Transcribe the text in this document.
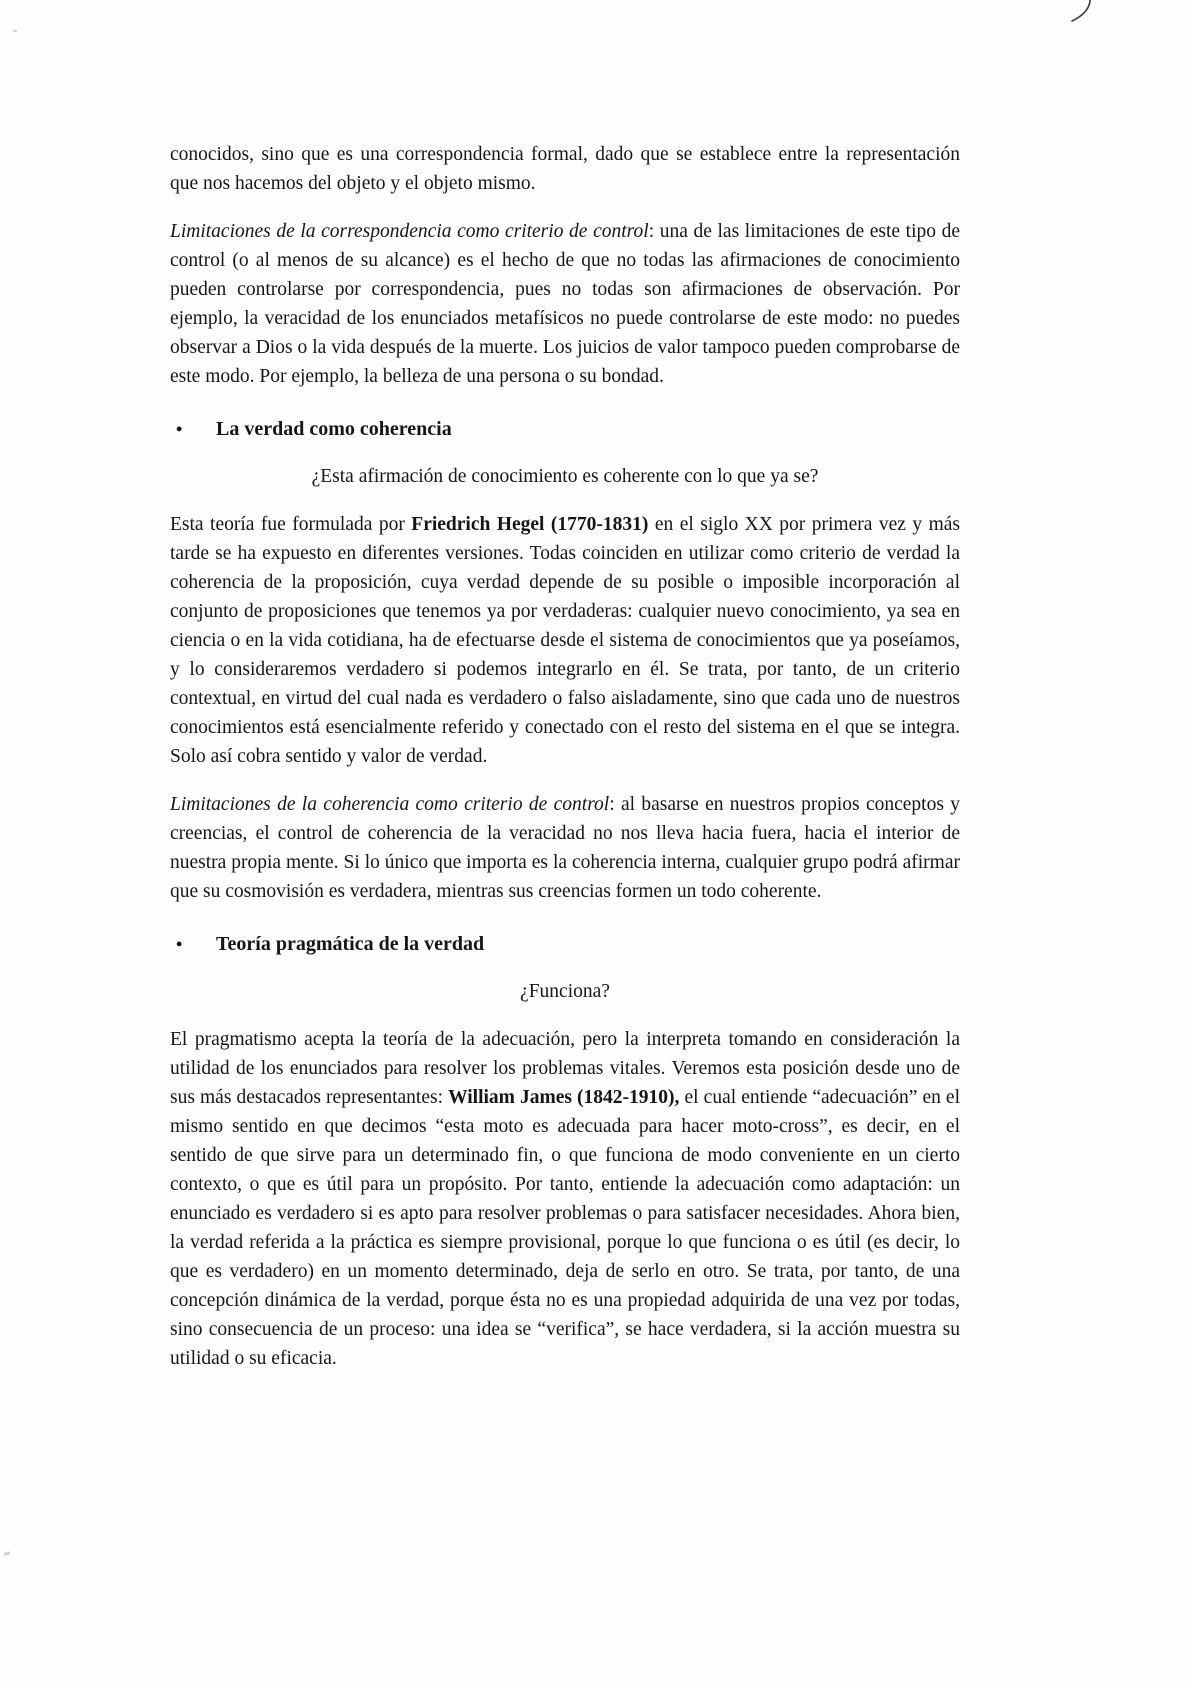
conocidos, sino que es una correspondencia formal, dado que se establece entre la representación que nos hacemos del objeto y el objeto mismo.

Limitaciones de la correspondencia como criterio de control: una de las limitaciones de este tipo de control (o al menos de su alcance) es el hecho de que no todas las afirmaciones de conocimiento pueden controlarse por correspondencia, pues no todas son afirmaciones de observación. Por ejemplo, la veracidad de los enunciados metafísicos no puede controlarse de este modo: no puedes observar a Dios o la vida después de la muerte. Los juicios de valor tampoco pueden comprobarse de este modo. Por ejemplo, la belleza de una persona o su bondad.

•	La verdad como coherencia

¿Esta afirmación de conocimiento es coherente con lo que ya se?

Esta teoría fue formulada por Friedrich Hegel (1770-1831) en el siglo XX por primera vez y más tarde se ha expuesto en diferentes versiones. Todas coinciden en utilizar como criterio de verdad la coherencia de la proposición, cuya verdad depende de su posible o imposible incorporación al conjunto de proposiciones que tenemos ya por verdaderas: cualquier nuevo conocimiento, ya sea en ciencia o en la vida cotidiana, ha de efectuarse desde el sistema de conocimientos que ya poseíamos, y lo consideraremos verdadero si podemos integrarlo en él. Se trata, por tanto, de un criterio contextual, en virtud del cual nada es verdadero o falso aisladamente, sino que cada uno de nuestros conocimientos está esencialmente referido y conectado con el resto del sistema en el que se integra. Solo así cobra sentido y valor de verdad.

Limitaciones de la coherencia como criterio de control: al basarse en nuestros propios conceptos y creencias, el control de coherencia de la veracidad no nos lleva hacia fuera, hacia el interior de nuestra propia mente. Si lo único que importa es la coherencia interna, cualquier grupo podrá afirmar que su cosmovisión es verdadera, mientras sus creencias formen un todo coherente.

•	Teoría pragmática de la verdad

¿Funciona?

El pragmatismo acepta la teoría de la adecuación, pero la interpreta tomando en consideración la utilidad de los enunciados para resolver los problemas vitales. Veremos esta posición desde uno de sus más destacados representantes: William James (1842-1910), el cual entiende “adecuación” en el mismo sentido en que decimos “esta moto es adecuada para hacer moto-cross”, es decir, en el sentido de que sirve para un determinado fin, o que funciona de modo conveniente en un cierto contexto, o que es útil para un propósito. Por tanto, entiende la adecuación como adaptación: un enunciado es verdadero si es apto para resolver problemas o para satisfacer necesidades. Ahora bien, la verdad referida a la práctica es siempre provisional, porque lo que funciona o es útil (es decir, lo que es verdadero) en un momento determinado, deja de serlo en otro. Se trata, por tanto, de una concepción dinámica de la verdad, porque ésta no es una propiedad adquirida de una vez por todas, sino consecuencia de un proceso: una idea se “verifica”, se hace verdadera, si la acción muestra su utilidad o su eficacia.
